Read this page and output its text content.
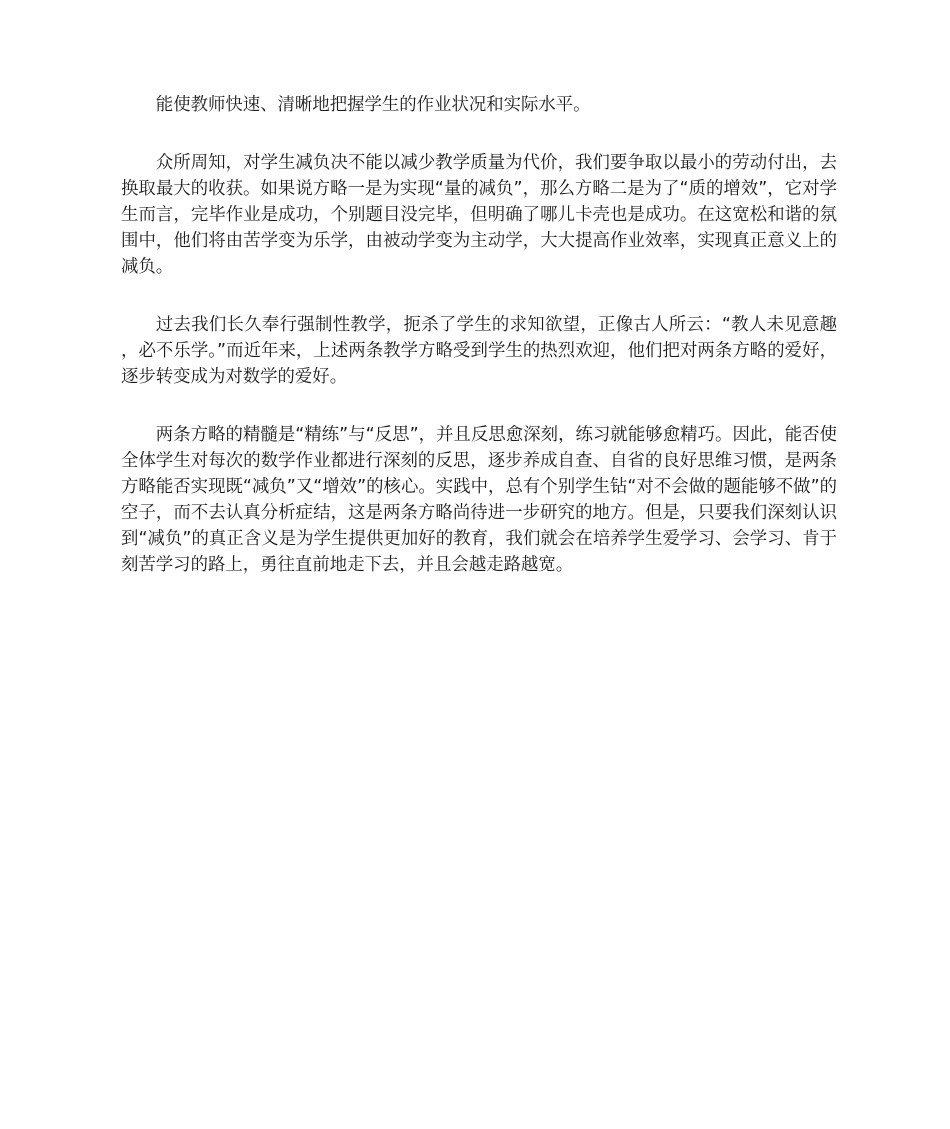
能使教师快速、清晰地把握学生的作业状况和实际水平。

众所周知，对学生减负决不能以减少教学质量为代价，我们要争取以最小的劳动付出，去换取最大的收获。如果说方略一是为实现“量的减负”，那么方略二是为了“质的增效”，它对学生而言，完毕作业是成功，个别题目没完毕，但明确了哪儿卡壳也是成功。在这宽松和谐的氛围中，他们将由苦学变为乐学，由被动学变为主动学，大大提高作业效率，实现真正意义上的减负。

过去我们长久奉行强制性教学，扼杀了学生的求知欲望，正像古人所云：“教人未见意趣，必不乐学。”而近年来，上述两条教学方略受到学生的热烈欢迎，他们把对两条方略的爱好，逐步转变成为对数学的爱好。

两条方略的精髓是“精练”与“反思”，并且反思愈深刻，练习就能够愈精巧。因此，能否使全体学生对每次的数学作业都进行深刻的反思，逐步养成自查、自省的良好思维习惯，是两条方略能否实现既“减负”又“增效”的核心。实践中，总有个别学生钻“对不会做的题能够不做”的空子，而不去认真分析症结，这是两条方略尚待进一步研究的地方。但是，只要我们深刻认识到“减负”的真正含义是为学生提供更加好的教育，我们就会在培养学生爱学习、会学习、肯于刻苦学习的路上，勇往直前地走下去，并且会越走路越宽。
